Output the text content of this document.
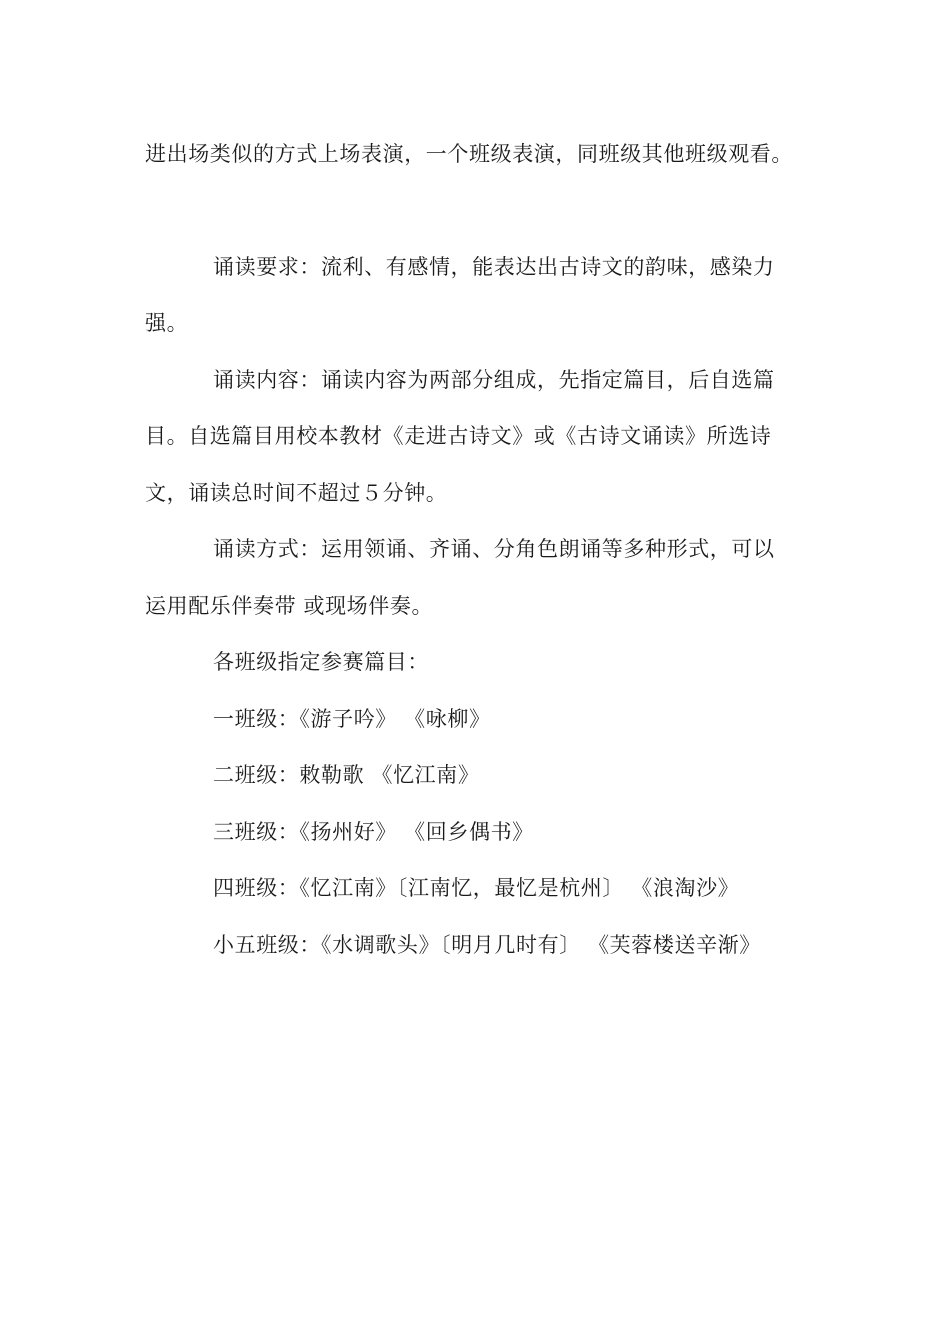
进出场类似的方式上场表演，一个班级表演，同班级其他班级观看。
诵读要求：流利、有感情，能表达出古诗文的韵味，感染力
强。
诵读内容：诵读内容为两部分组成，先指定篇目，后自选篇
目。自选篇目用校本教材《走进古诗文》或《古诗文诵读》所选诗
文，诵读总时间不超过５分钟。
诵读方式：运用领诵、齐诵、分角色朗诵等多种形式，可以
运用配乐伴奏带 或现场伴奏。
各班级指定参赛篇目：
一班级：《游子吟》 《咏柳》
二班级：敕勒歌 《忆江南》
三班级：《扬州好》 《回乡偶书》
四班级：《忆江南》〔江南忆，最忆是杭州〕 《浪淘沙》
小五班级：《水调歌头》〔明月几时有〕 《芙蓉楼送辛渐》
